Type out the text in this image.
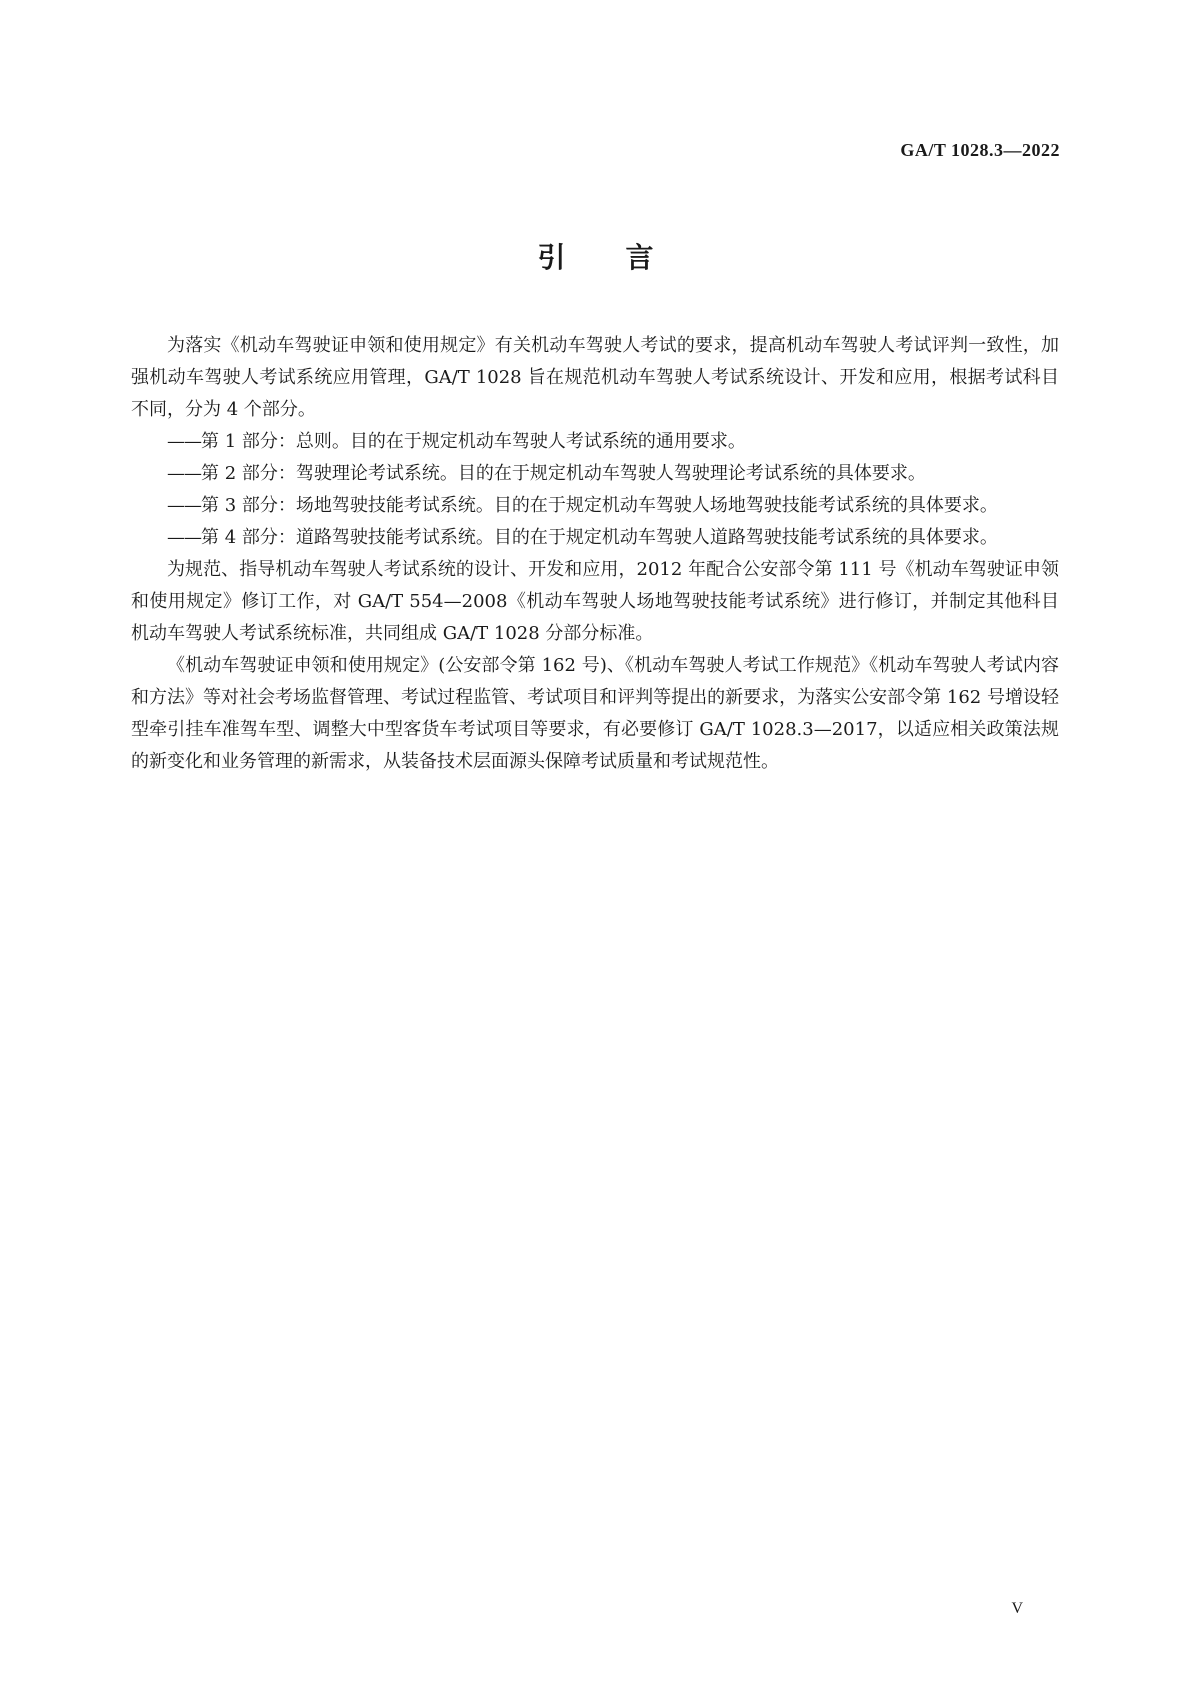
GA/T 1028.3—2022
引言

为落实《机动车驾驶证申领和使用规定》有关机动车驾驶人考试的要求，提高机动车驾驶人考试评判一致性，加强机动车驾驶人考试系统应用管理，GA/T 1028 旨在规范机动车驾驶人考试系统设计、开发和应用，根据考试科目不同，分为 4 个部分。

——第 1 部分：总则。目的在于规定机动车驾驶人考试系统的通用要求。

——第 2 部分：驾驶理论考试系统。目的在于规定机动车驾驶人驾驶理论考试系统的具体要求。

——第 3 部分：场地驾驶技能考试系统。目的在于规定机动车驾驶人场地驾驶技能考试系统的具体要求。

——第 4 部分：道路驾驶技能考试系统。目的在于规定机动车驾驶人道路驾驶技能考试系统的具体要求。

为规范、指导机动车驾驶人考试系统的设计、开发和应用，2012 年配合公安部令第 111 号《机动车驾驶证申领和使用规定》修订工作，对 GA/T 554—2008《机动车驾驶人场地驾驶技能考试系统》进行修订，并制定其他科目机动车驾驶人考试系统标准，共同组成 GA/T 1028 分部分标准。

《机动车驾驶证申领和使用规定》(公安部令第 162 号)、《机动车驾驶人考试工作规范》《机动车驾驶人考试内容和方法》等对社会考场监督管理、考试过程监管、考试项目和评判等提出的新要求，为落实公安部令第 162 号增设轻型牵引挂车准驾车型、调整大中型客货车考试项目等要求，有必要修订 GA/T 1028.3—2017，以适应相关政策法规的新变化和业务管理的新需求，从装备技术层面源头保障考试质量和考试规范性。

V
